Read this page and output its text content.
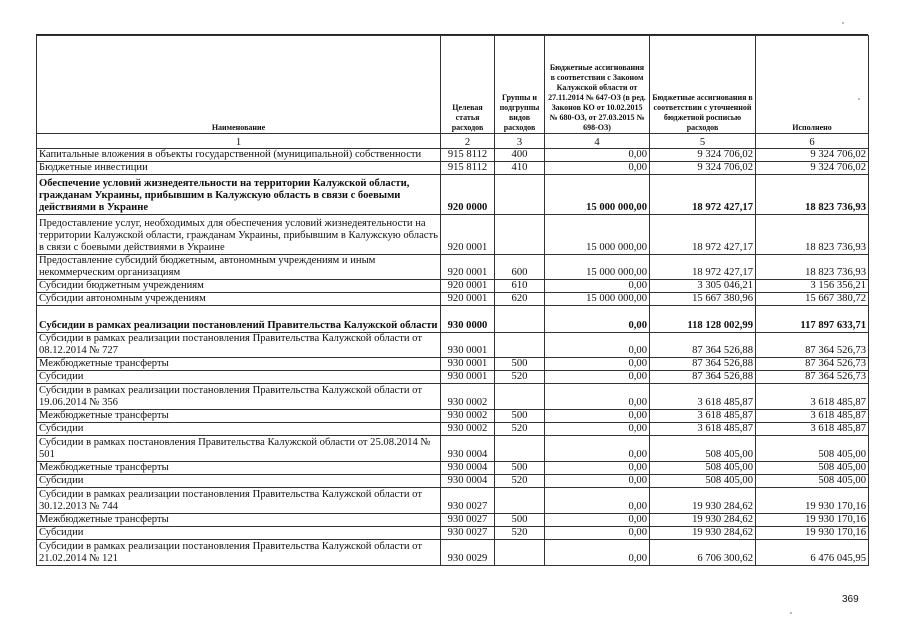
Наименование	Целевая статья расходов	Группы и подгруппы видов расходов	Бюджетные ассигнования в соответствии с Законом Калужской области от 27.11.2014 № 647-ОЗ (в ред. Законов КО от 10.02.2015 № 680-ОЗ, от 27.03.2015 № 698-ОЗ)	Бюджетные ассигнования в соответствии с уточненной бюджетной росписью расходов	Исполнено
1	2	3	4	5	6
Капитальные вложения в объекты государственной (муниципальной) собственности	915 8112	400	0,00	9 324 706,02	9 324 706,02
Бюджетные инвестиции	915 8112	410	0,00	9 324 706,02	9 324 706,02
Обеспечение условий жизнедеятельности на территории Калужской области, гражданам Украины, прибывшим в Калужскую область в связи с боевыми действиями в Украине	920 0000		15 000 000,00	18 972 427,17	18 823 736,93
Предоставление услуг, необходимых для обеспечения условий жизнедеятельности на территории Калужской области, гражданам Украины, прибывшим в Калужскую область в связи с боевыми действиями в Украине	920 0001		15 000 000,00	18 972 427,17	18 823 736,93
Предоставление субсидий бюджетным, автономным учреждениям и иным некоммерческим организациям	920 0001	600	15 000 000,00	18 972 427,17	18 823 736,93
Субсидии бюджетным учреждениям	920 0001	610	0,00	3 305 046,21	3 156 356,21
Субсидии автономным учреждениям	920 0001	620	15 000 000,00	15 667 380,96	15 667 380,72
Субсидии в рамках реализации постановлений Правительства Калужской области	930 0000		0,00	118 128 002,99	117 897 633,71
Субсидии в рамках реализации постановления Правительства Калужской области от 08.12.2014 № 727	930 0001		0,00	87 364 526,88	87 364 526,73
Межбюджетные трансферты	930 0001	500	0,00	87 364 526,88	87 364 526,73
Субсидии	930 0001	520	0,00	87 364 526,88	87 364 526,73
Субсидии в рамках реализации постановления Правительства Калужской области от 19.06.2014 № 356	930 0002		0,00	3 618 485,87	3 618 485,87
Межбюджетные трансферты	930 0002	500	0,00	3 618 485,87	3 618 485,87
Субсидии	930 0002	520	0,00	3 618 485,87	3 618 485,87
Субсидии в рамках постановления Правительства Калужской области от 25.08.2014 № 501	930 0004		0,00	508 405,00	508 405,00
Межбюджетные трансферты	930 0004	500	0,00	508 405,00	508 405,00
Субсидии	930 0004	520	0,00	508 405,00	508 405,00
Субсидии в рамках реализации постановления Правительства Калужской области от 30.12.2013 № 744	930 0027		0,00	19 930 284,62	19 930 170,16
Межбюджетные трансферты	930 0027	500	0,00	19 930 284,62	19 930 170,16
Субсидии	930 0027	520	0,00	19 930 284,62	19 930 170,16
Субсидии в рамках реализации постановления Правительства Калужской области от 21.02.2014 № 121	930 0029		0,00	6 706 300,62	6 476 045,95
369
